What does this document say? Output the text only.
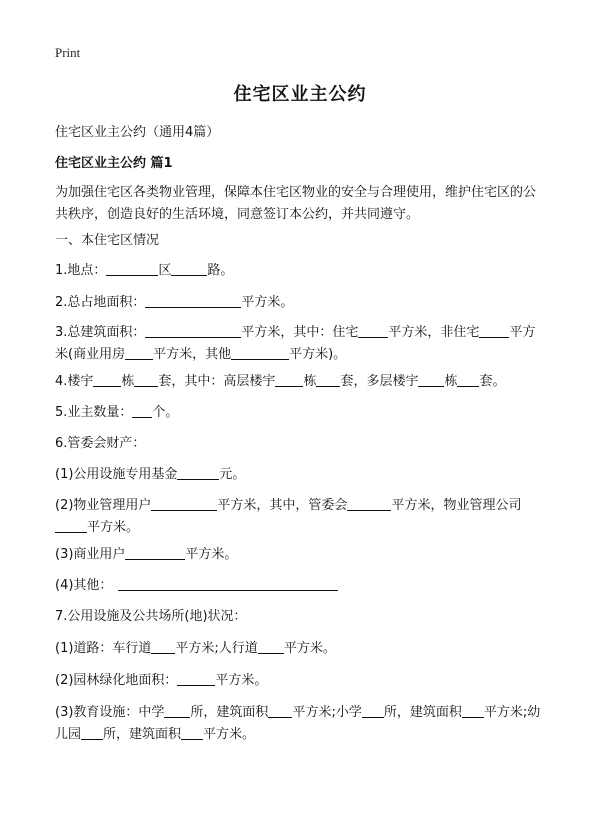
Print
住宅区业主公约
住宅区业主公约（通用4篇）
住宅区业主公约 篇1
为加强住宅区各类物业管理，保障本住宅区物业的安全与合理使用，维护住宅区的公共秩序，创造良好的生活环境，同意签订本公约，并共同遵守。
一、本住宅区情况
1.地点：	区	路。
2.总占地面积：	平方米。
3.总建筑面积：	平方米，其中：住宅 平方米，非住宅 平方米(商业用房 平方米，其他	平方米)。
4.楼宇 栋 套，其中：高层楼宇 栋 套，多层楼宇 栋 套。
5.业主数量： 个。
6.管委会财产：
(1)公用设施专用基金	元。
(2)物业管理用户	平方米，其中，管委会	平方米，物业管理公司平方米。
(3)商业用户	平方米。
(4)其他：
7.公用设施及公共场所(地)状况：
(1)道路：车行道 平方米;人行道 平方米。
(2)园林绿化地面积：	平方米。
(3)教育设施：中学 所，建筑面积 平方米;小学 所，建筑面积 平方米;幼儿园 所，建筑面积 平方米。
